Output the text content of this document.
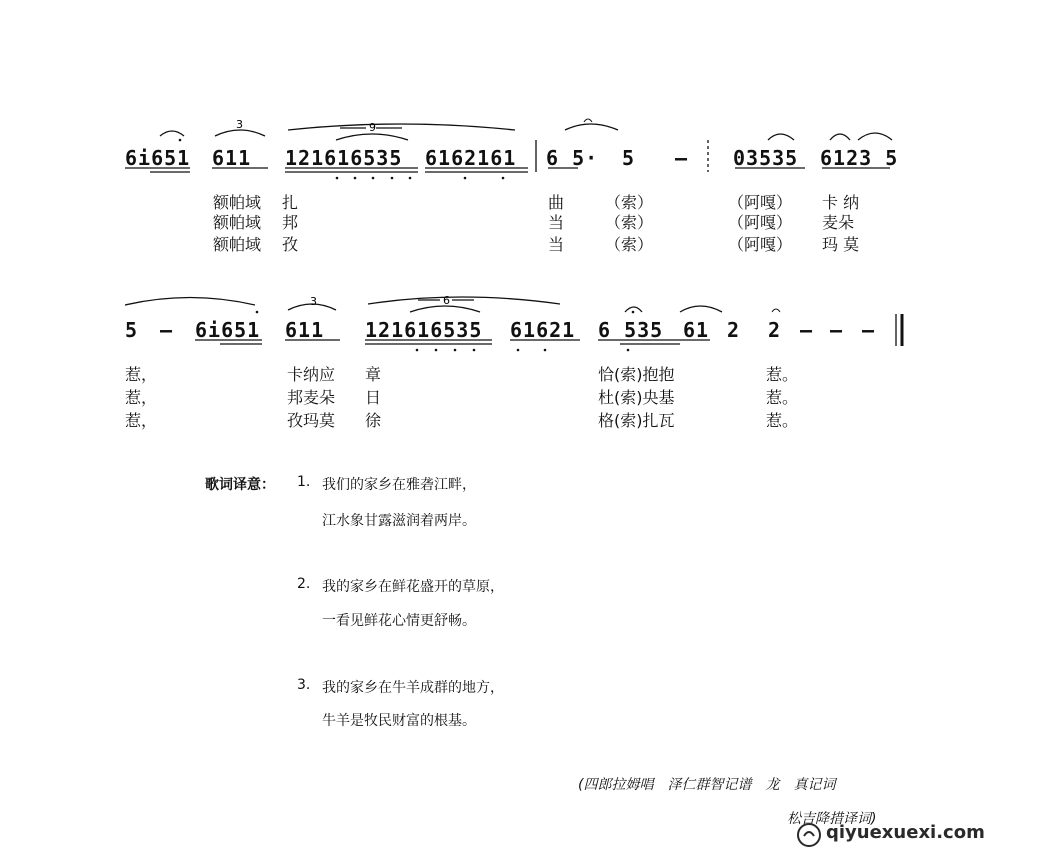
3	9
3	6
6i651 611 121616535 6162161 6 5· 5 – 03535 6123 5
额帕域 扎	曲	（索）	（阿嘎） 卡 纳
额帕域 邦	当	（索）	（阿嘎） 麦朵
额帕域 孜	当	（索）	（阿嘎） 玛 莫
5 – 6i651 611 121616535 61621 6 535 61 2 2 – – –
惹，	卡纳应 章	恰(索)抱抱	惹。
惹，	邦麦朵 日	杜(索)央基	惹。
惹，	孜玛莫 徐	格(索)扎瓦	惹。
歌词译意： 1. 我们的家乡在雅砻江畔，
江水象甘露滋润着两岸。
2. 我的家乡在鲜花盛开的草原，
一看见鲜花心情更舒畅。
3. 我的家乡在牛羊成群的地方，
牛羊是牧民财富的根基。
(四郎拉姆唱　泽仁群智记谱　龙　真记词
松吉降措译词)
qiyuexuexi.com
